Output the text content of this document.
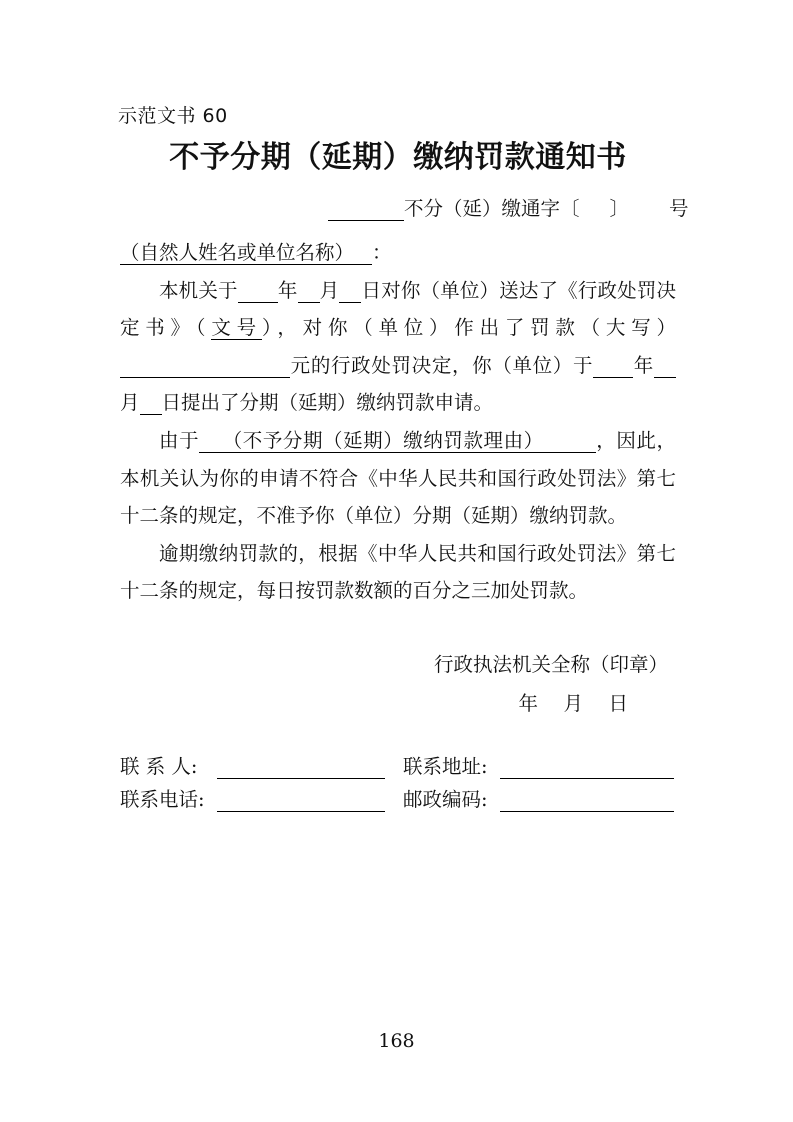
示范文书 60
不予分期（延期）缴纳罚款通知书
不分（延）缴通字〔 〕 号

（自然人姓名或单位名称） ：

本机关于 年 月 日对你（单位）送达了《行政处罚决定书》（文号），对你（单位）作出了罚款（大写）元的行政处罚决定，你（单位）于 年月 日提出了分期（延期）缴纳罚款申请。

由于 （不予分期（延期）缴纳罚款理由）	，因此，本机关认为你的申请不符合《中华人民共和国行政处罚法》第七十二条的规定，不准予你（单位）分期（延期）缴纳罚款。

逾期缴纳罚款的，根据《中华人民共和国行政处罚法》第七十二条的规定，每日按罚款数额的百分之三加处罚款。

行政执法机关全称（印章）
年　月　日
联 系 人:	联系地址:
联系电话:	邮政编码:
168
